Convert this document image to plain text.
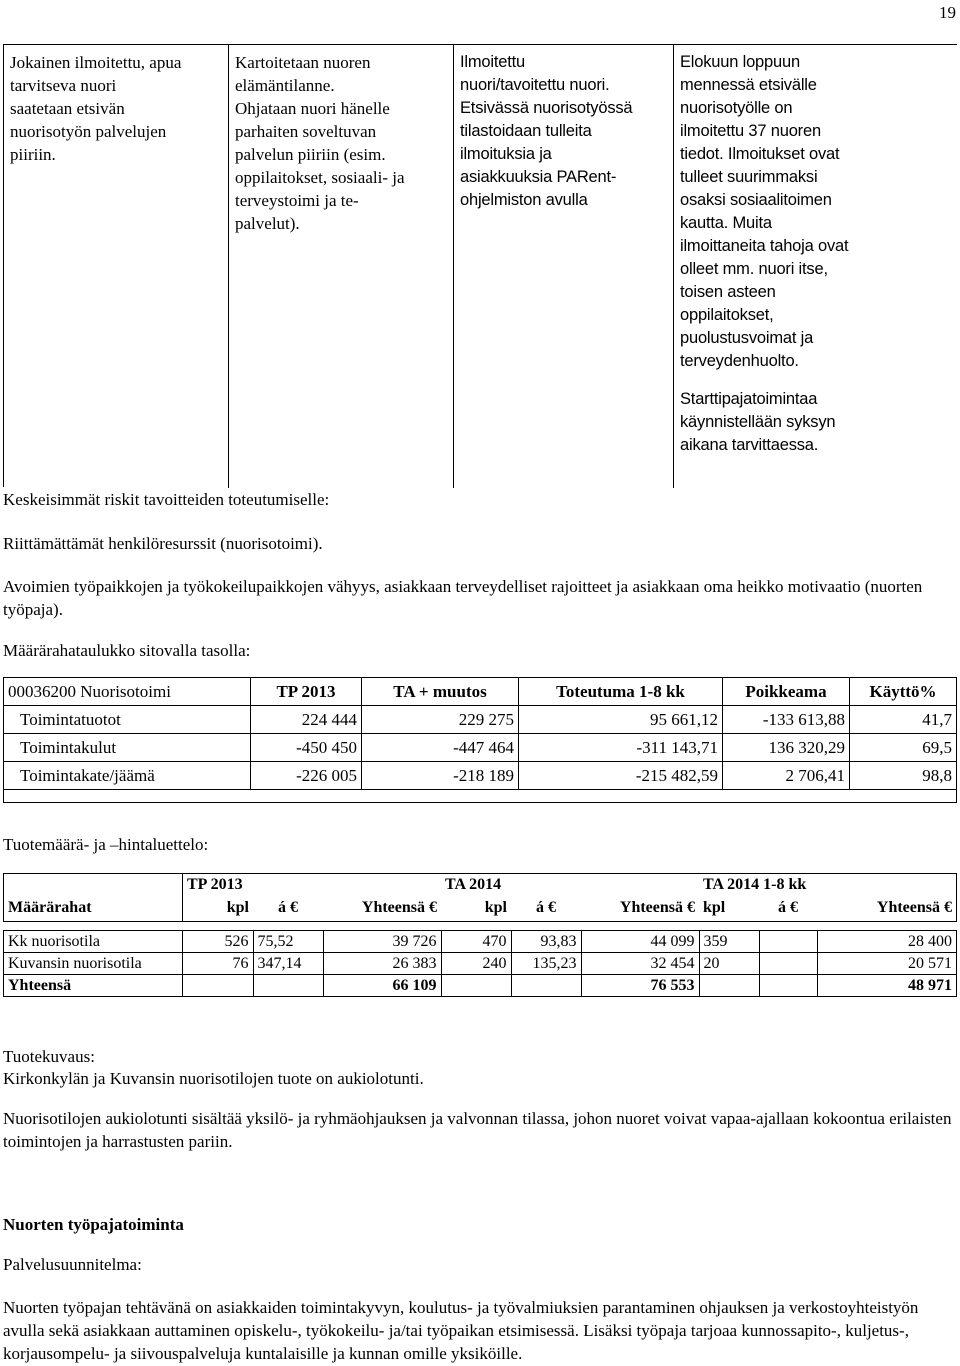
19
Jokainen ilmoitettu, apua
tarvitseva nuori
saatetaan etsivän
nuorisotyön palvelujen
piiriin.
Kartoitetaan nuoren
elämäntilanne.
Ohjataan nuori hänelle
parhaiten soveltuvan
palvelun piiriin (esim.
oppilaitokset, sosiaali- ja
terveystoimi ja te-
palvelut).
Ilmoitettu
nuori/tavoitettu nuori.
Etsivässä nuorisotyössä
tilastoidaan tulleita
ilmoituksia ja
asiakkuuksia PARent-
ohjelmiston avulla
Elokuun loppuun
mennessä etsivälle
nuorisotyölle on
ilmoitettu 37 nuoren
tiedot. Ilmoitukset ovat
tulleet suurimmaksi
osaksi sosiaalitoimen
kautta. Muita
ilmoittaneita tahoja ovat
olleet mm. nuori itse,
toisen asteen
oppilaitokset,
puolustusvoimat ja
terveydenhuolto.
Starttipajatoimintaa
käynnistellään syksyn
aikana tarvittaessa.
Keskeisimmät riskit tavoitteiden toteutumiselle:
Riittämättämät henkilöresurssit (nuorisotoimi).
Avoimien työpaikkojen ja työkokeilupaikkojen vähyys, asiakkaan terveydelliset rajoitteet ja asiakkaan oma heikko motivaatio (nuorten työpaja).
Määrärahataulukko sitovalla tasolla:
00036200 Nuorisotoimi	TP 2013	TA + muutos	Toteutuma 1-8 kk	Poikkeama	Käyttö%
Toimintatuotot	224 444	229 275	95 661,12	-133 613,88	41,7
Toimintakulut	-450 450	-447 464	-311 143,71	136 320,29	69,5
Toimintakate/jäämä	-226 005	-218 189	-215 482,59	2 706,41	98,8

Tuotemäärä- ja –hintaluettelo:
	TP 2013			TA 2014			TA 2014 1-8 kk		
Määrärahat	kpl	á €	Yhteensä €	kpl	á €	Yhteensä €	kpl	á €	Yhteensä €

Kk nuorisotila	526	75,52	39 726	470	93,83	44 099	359		28 400
Kuvansin nuorisotila	76	347,14	26 383	240	135,23	32 454	20		20 571
Yhteensä			66 109			76 553			48 971
Tuotekuvaus:
Kirkonkylän ja Kuvansin nuorisotilojen tuote on aukiolotunti.
Nuorisotilojen aukiolotunti sisältää yksilö- ja ryhmäohjauksen ja valvonnan tilassa, johon nuoret voivat vapaa-ajallaan kokoontua erilaisten toimintojen ja harrastusten pariin.
Nuorten työpajatoiminta
Palvelusuunnitelma:
Nuorten työpajan tehtävänä on asiakkaiden toimintakyvyn, koulutus- ja työvalmiuksien parantaminen ohjauksen ja verkostoyhteistyön avulla sekä asiakkaan auttaminen opiskelu-, työkokeilu- ja/tai työpaikan etsimisessä. Lisäksi työpaja tarjoaa kunnossapito-, kuljetus-, korjausompelu- ja siivouspalveluja kuntalaisille ja kunnan omille yksiköille.
